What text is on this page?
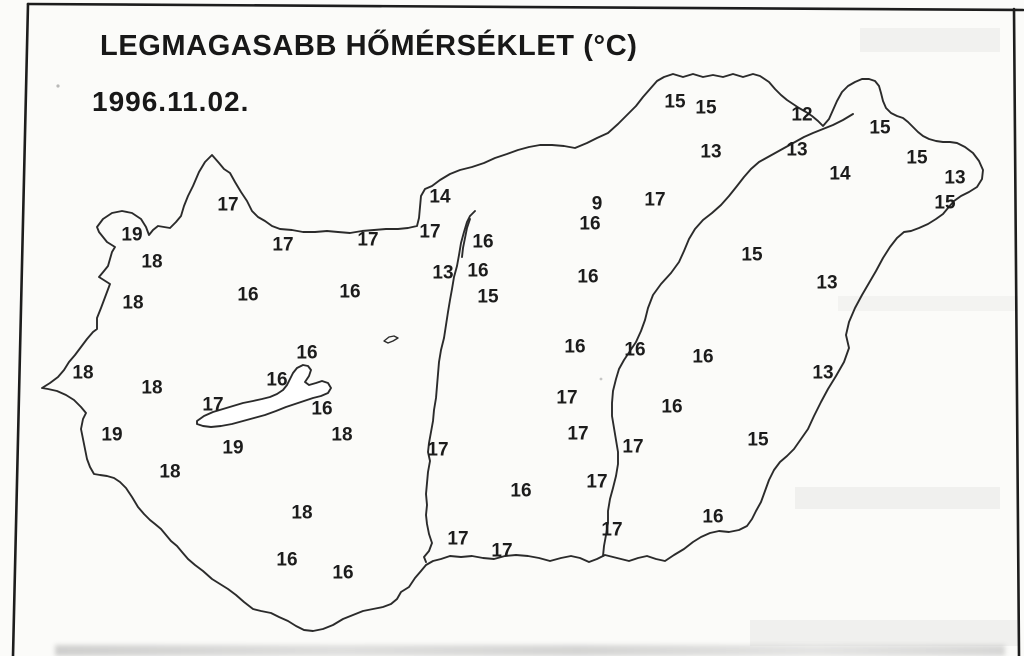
LEGMAGASABB HŐMÉRSÉKLET (°C)
1996.11.02.
19
18
18
17
17	17
16	16
18
18
19
18
19
17
16
16
16
18
18
16
16
14
17 16
13 16
15
17
17
17
16
9
16
17
16
16 16 16
17	16
17
17
17
17
16
15 15	12
13	13
15
14
15
13
15
15
13
13
15
